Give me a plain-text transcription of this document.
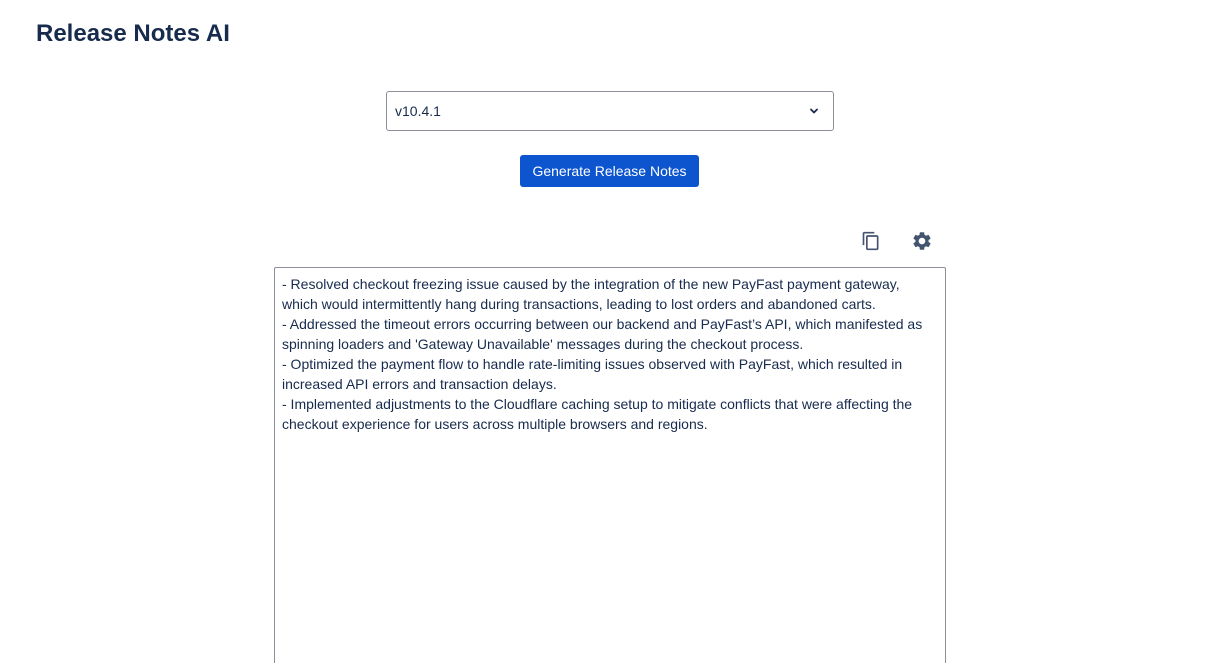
Release Notes AI
v10.4.1
Generate Release Notes

- Resolved checkout freezing issue caused by the integration of the new PayFast payment gateway, which would intermittently hang during transactions, leading to lost orders and abandoned carts.

- Addressed the timeout errors occurring between our backend and PayFast’s API, which manifested as spinning loaders and 'Gateway Unavailable' messages during the checkout process.

- Optimized the payment flow to handle rate-limiting issues observed with PayFast, which resulted in increased API errors and transaction delays.

- Implemented adjustments to the Cloudflare caching setup to mitigate conflicts that were affecting the checkout experience for users across multiple browsers and regions.
